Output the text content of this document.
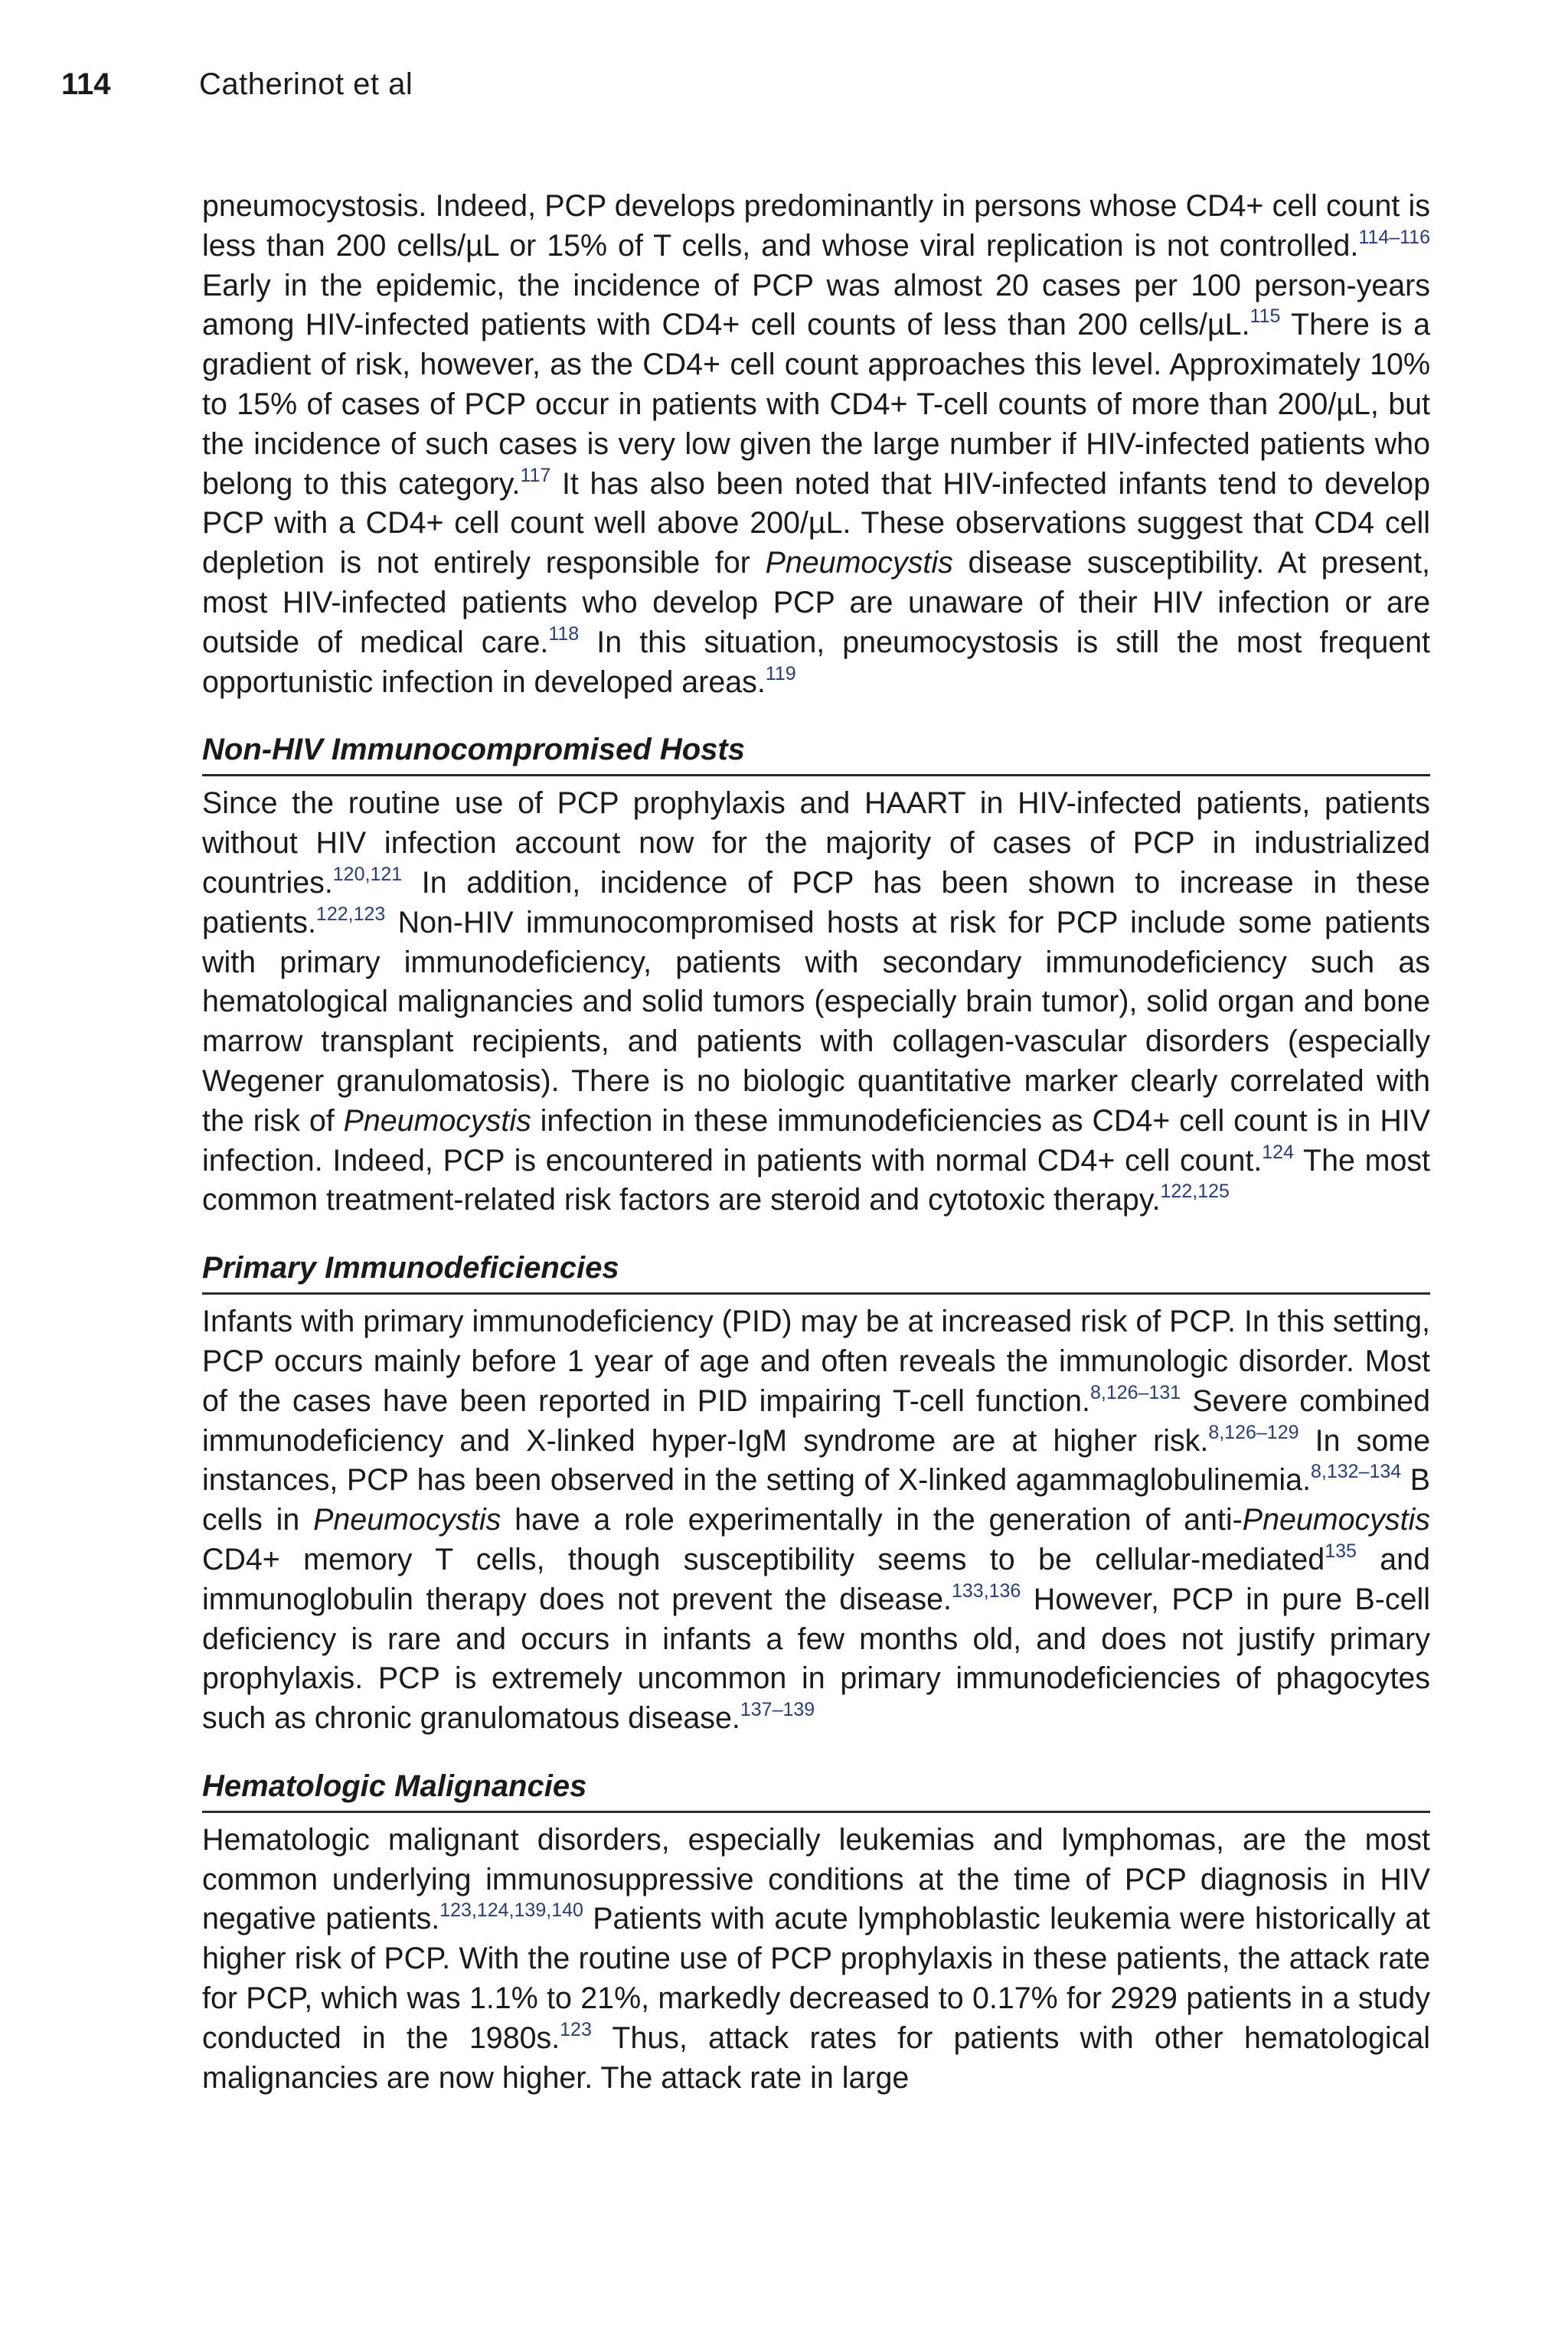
114	Catherinot et al

pneumocystosis. Indeed, PCP develops predominantly in persons whose CD4+ cell count is less than 200 cells/µL or 15% of T cells, and whose viral replication is not controlled.$^{114-116}$ Early in the epidemic, the incidence of PCP was almost 20 cases per 100 person-years among HIV-infected patients with CD4+ cell counts of less than 200 cells/µL.$^{115}$ There is a gradient of risk, however, as the CD4+ cell count approaches this level. Approximately 10% to 15% of cases of PCP occur in patients with CD4+ T-cell counts of more than 200/µL, but the incidence of such cases is very low given the large number if HIV-infected patients who belong to this category.$^{117}$ It has also been noted that HIV-infected infants tend to develop PCP with a CD4+ cell count well above 200/µL. These observations suggest that CD4 cell depletion is not entirely responsible for Pneumocystis disease susceptibility. At present, most HIV-infected patients who develop PCP are unaware of their HIV infection or are outside of medical care.$^{118}$ In this situation, pneumocystosis is still the most frequent opportunistic infection in developed areas.$^{119}$

Non-HIV Immunocompromised Hosts

Since the routine use of PCP prophylaxis and HAART in HIV-infected patients, patients without HIV infection account now for the majority of cases of PCP in industrialized countries.$^{120,121}$ In addition, incidence of PCP has been shown to increase in these patients.$^{122,123}$ Non-HIV immunocompromised hosts at risk for PCP include some patients with primary immunodeficiency, patients with secondary immunodeficiency such as hematological malignancies and solid tumors (especially brain tumor), solid organ and bone marrow transplant recipients, and patients with collagen-vascular disorders (especially Wegener granulomatosis). There is no biologic quantitative marker clearly correlated with the risk of Pneumocystis infection in these immunodeficiencies as CD4+ cell count is in HIV infection. Indeed, PCP is encountered in patients with normal CD4+ cell count.$^{124}$ The most common treatment-related risk factors are steroid and cytotoxic therapy.$^{122,125}$

Primary Immunodeficiencies

Infants with primary immunodeficiency (PID) may be at increased risk of PCP. In this setting, PCP occurs mainly before 1 year of age and often reveals the immunologic disorder. Most of the cases have been reported in PID impairing T-cell function.$^{8,126-131}$ Severe combined immunodeficiency and X-linked hyper-IgM syndrome are at higher risk.$^{8,126-129}$ In some instances, PCP has been observed in the setting of X-linked agammaglobulinemia.$^{8,132-134}$ B cells in Pneumocystis have a role experimentally in the generation of anti-Pneumocystis CD4+ memory T cells, though susceptibility seems to be cellular-mediated$^{135}$ and immunoglobulin therapy does not prevent the disease.$^{133,136}$ However, PCP in pure B-cell deficiency is rare and occurs in infants a few months old, and does not justify primary prophylaxis. PCP is extremely uncommon in primary immunodeficiencies of phagocytes such as chronic granulomatous disease.$^{137-139}$

Hematologic Malignancies

Hematologic malignant disorders, especially leukemias and lymphomas, are the most common underlying immunosuppressive conditions at the time of PCP diagnosis in HIV negative patients.$^{123,124,139,140}$ Patients with acute lymphoblastic leukemia were historically at higher risk of PCP. With the routine use of PCP prophylaxis in these patients, the attack rate for PCP, which was 1.1% to 21%, markedly decreased to 0.17% for 2929 patients in a study conducted in the 1980s.$^{123}$ Thus, attack rates for patients with other hematological malignancies are now higher. The attack rate in large
